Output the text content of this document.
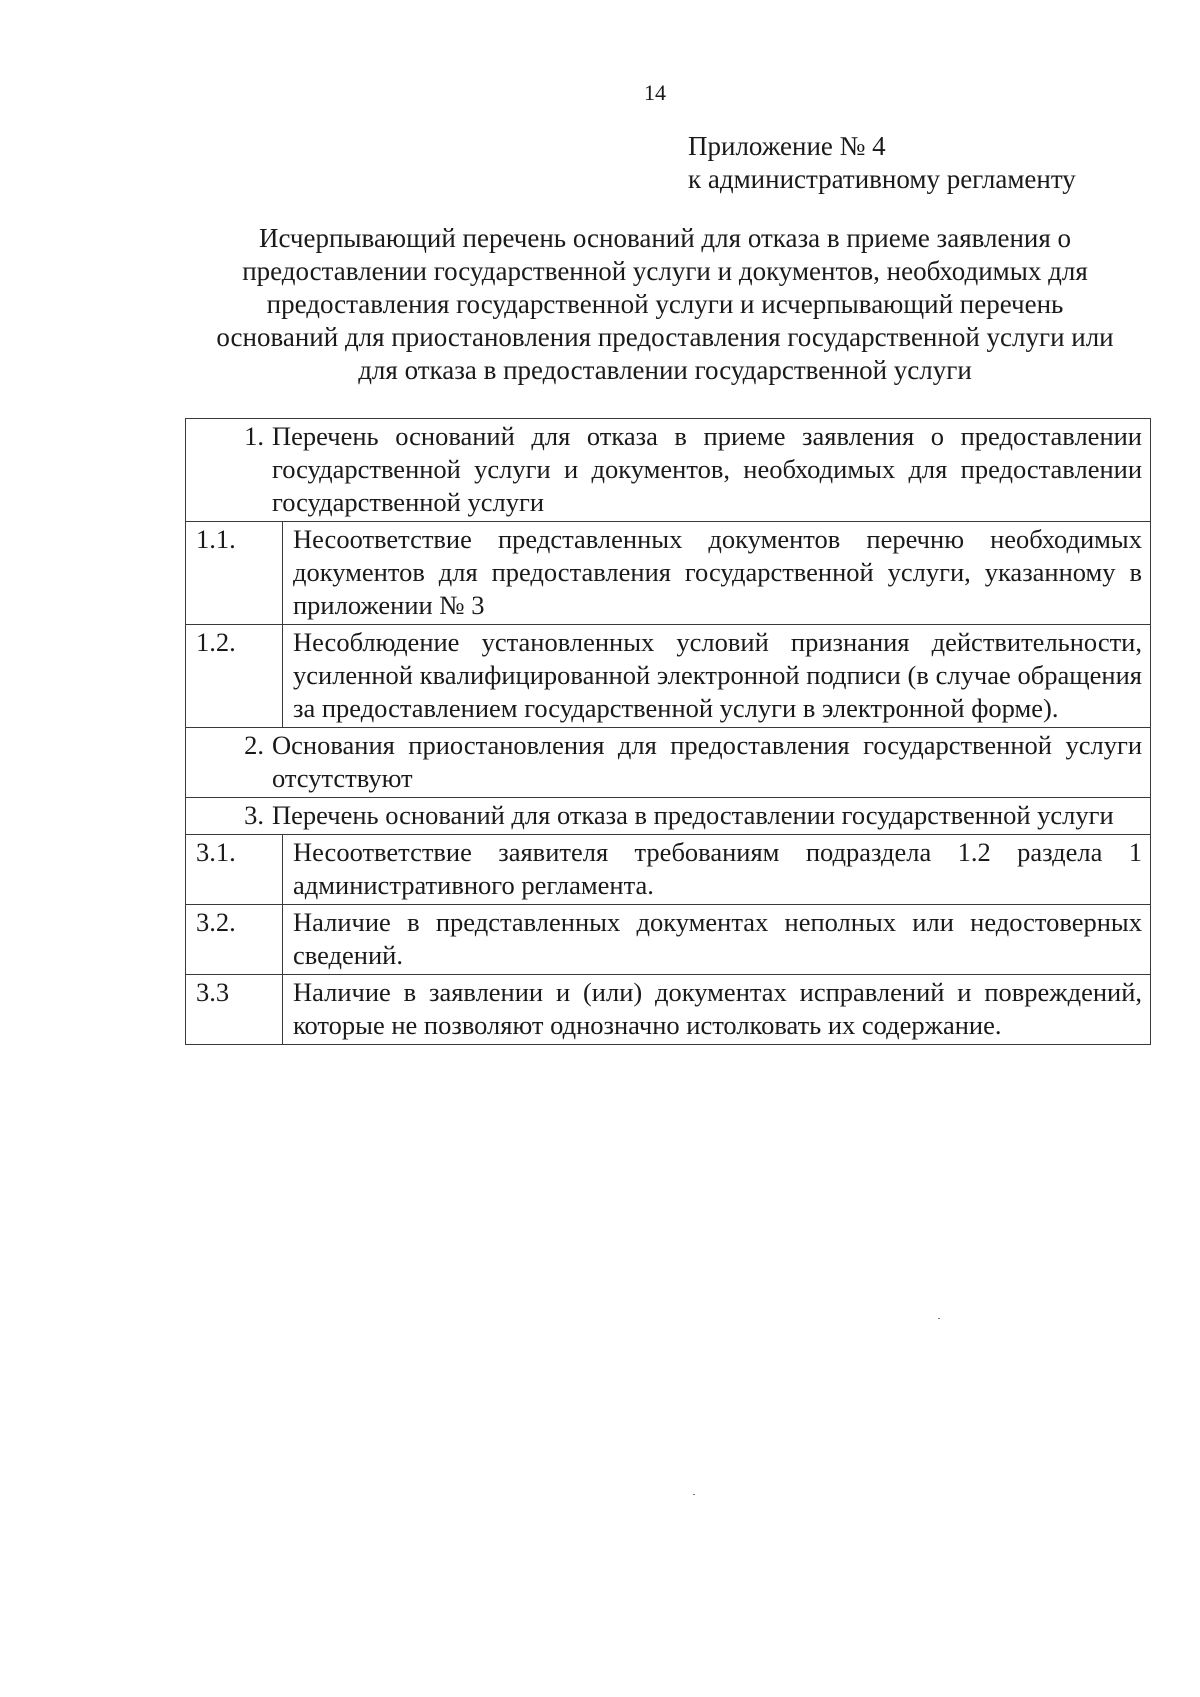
14
Приложение № 4
к административному регламенту
Исчерпывающий перечень оснований для отказа в приеме заявления о
предоставлении государственной услуги и документов, необходимых для
предоставления государственной услуги и исчерпывающий перечень
оснований для приостановления предоставления государственной услуги или
для отказа в предоставлении государственной услуги
1. Перечень оснований для отказа в приеме заявления о предоставлении государственной услуги и документов, необходимых для предоставлении государственной услуги	

1.1.	Несоответствие представленных документов перечню необходимых документов для предоставления государственной услуги, указанному в приложении № 3
1.2.	Несоблюдение установленных условий признания действительности, усиленной квалифицированной электронной подписи (в случае обращения за предоставлением государственной услуги в электронной форме).

2. Основания приостановления для предоставления государственной услуги отсутствуют	

3. Перечень оснований для отказа в предоставлении государственной услуги	

3.1.	Несоответствие заявителя требованиям подраздела 1.2 раздела 1 административного регламента.
3.2.	Наличие в представленных документах неполных или недостоверных сведений.
3.3	Наличие в заявлении и (или) документах исправлений и повреждений, которые не позволяют однозначно истолковать их содержание.
